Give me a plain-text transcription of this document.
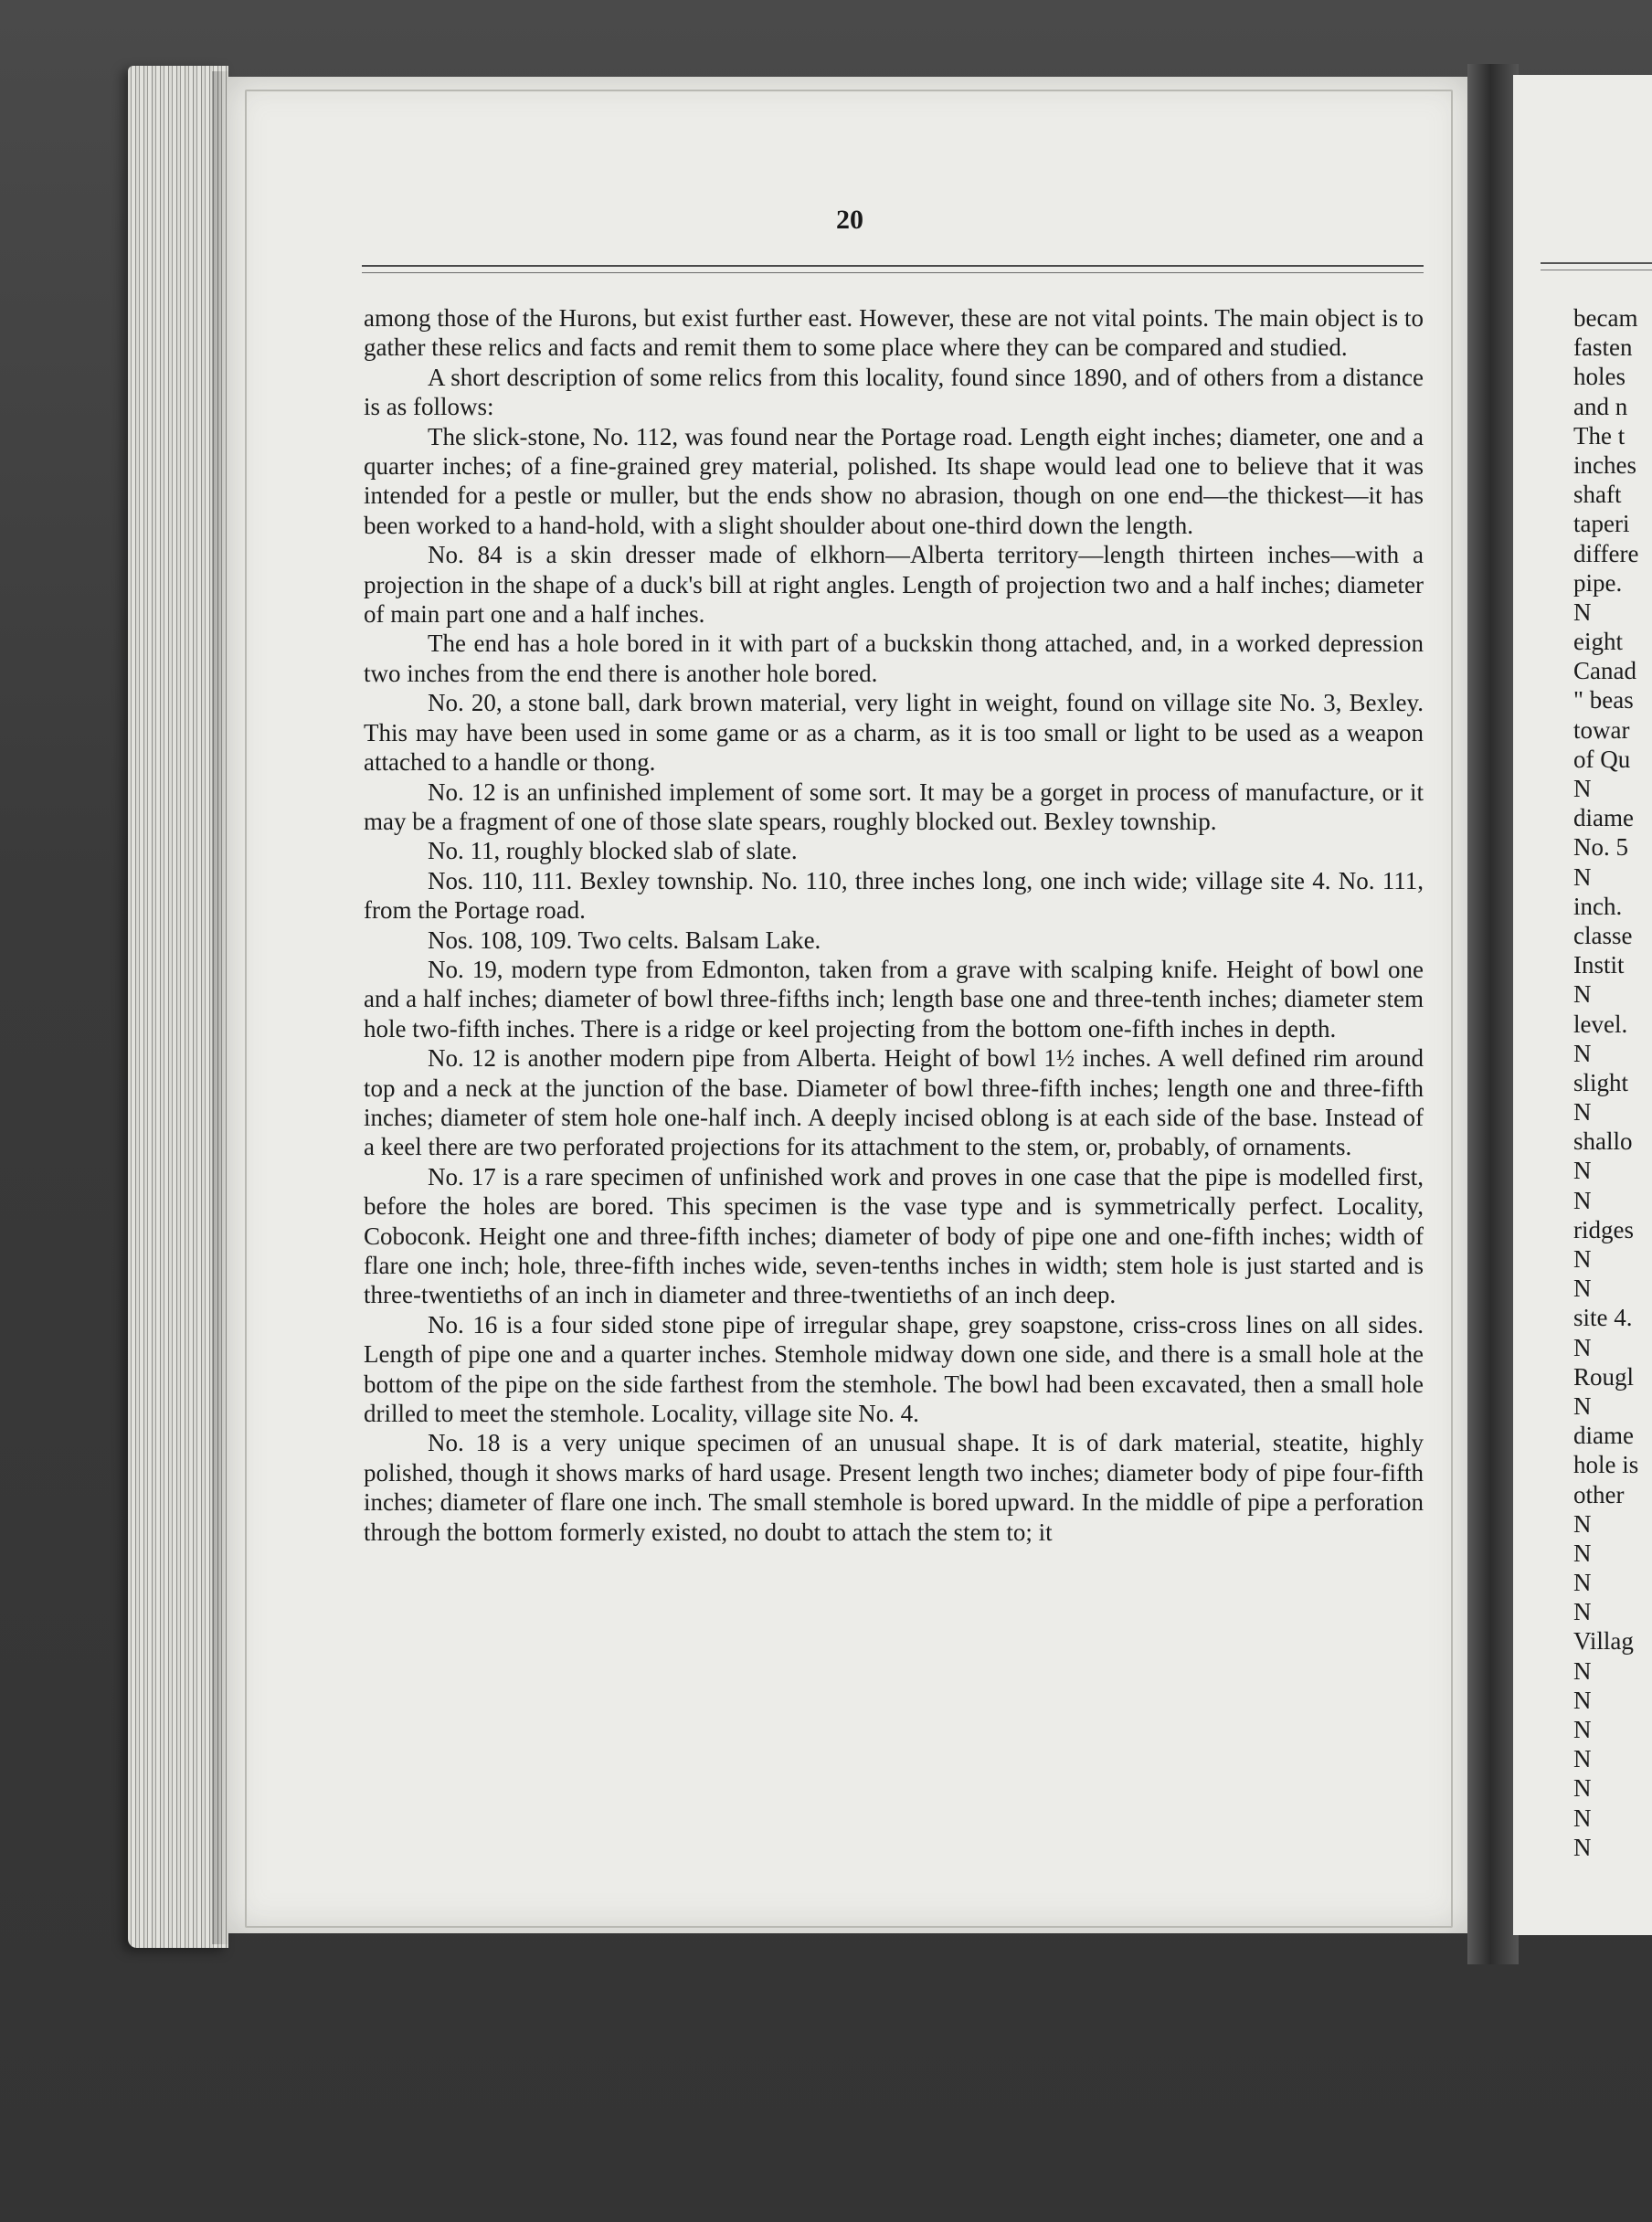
20

among those of the Hurons, but exist further east. However, these are not vital points. The main object is to gather these relics and facts and remit them to some place where they can be compared and studied.

A short description of some relics from this locality, found since 1890, and of others from a distance is as follows:

The slick-stone, No. 112, was found near the Portage road. Length eight inches; diameter, one and a quarter inches; of a fine-grained grey material, polished. Its shape would lead one to believe that it was intended for a pestle or muller, but the ends show no abrasion, though on one end—the thickest—it has been worked to a hand-hold, with a slight shoulder about one-third down the length.

No. 84 is a skin dresser made of elkhorn—Alberta territory—length thirteen inches—with a projection in the shape of a duck's bill at right angles. Length of projection two and a half inches; diameter of main part one and a half inches.

The end has a hole bored in it with part of a buckskin thong attached, and, in a worked depression two inches from the end there is another hole bored.

No. 20, a stone ball, dark brown material, very light in weight, found on village site No. 3, Bexley. This may have been used in some game or as a charm, as it is too small or light to be used as a weapon attached to a handle or thong.

No. 12 is an unfinished implement of some sort. It may be a gorget in process of manufacture, or it may be a fragment of one of those slate spears, roughly blocked out. Bexley township.

No. 11, roughly blocked slab of slate.

Nos. 110, 111. Bexley township. No. 110, three inches long, one inch wide; village site 4. No. 111, from the Portage road.

Nos. 108, 109. Two celts. Balsam Lake.

No. 19, modern type from Edmonton, taken from a grave with scalping knife. Height of bowl one and a half inches; diameter of bowl three-fifths inch; length base one and three-tenth inches; diameter stem hole two-fifth inches. There is a ridge or keel projecting from the bottom one-fifth inches in depth.

No. 12 is another modern pipe from Alberta. Height of bowl 1½ inches. A well defined rim around top and a neck at the junction of the base. Diameter of bowl three-fifth inches; length one and three-fifth inches; diameter of stem hole one-half inch. A deeply incised oblong is at each side of the base. Instead of a keel there are two perforated projections for its attachment to the stem, or, probably, of ornaments.

No. 17 is a rare specimen of unfinished work and proves in one case that the pipe is modelled first, before the holes are bored. This specimen is the vase type and is symmetrically perfect. Locality, Coboconk. Height one and three-fifth inches; diameter of body of pipe one and one-fifth inches; width of flare one inch; hole, three-fifth inches wide, seven-tenths inches in width; stem hole is just started and is three-twentieths of an inch in diameter and three-twentieths of an inch deep.

No. 16 is a four sided stone pipe of irregular shape, grey soapstone, criss-cross lines on all sides. Length of pipe one and a quarter inches. Stemhole midway down one side, and there is a small hole at the bottom of the pipe on the side farthest from the stemhole. The bowl had been excavated, then a small hole drilled to meet the stemhole. Locality, village site No. 4.

No. 18 is a very unique specimen of an unusual shape. It is of dark material, steatite, highly polished, though it shows marks of hard usage. Present length two inches; diameter body of pipe four-fifth inches; diameter of flare one inch. The small stemhole is bored upward. In the middle of pipe a perforation through the bottom formerly existed, no doubt to attach the stem to; it

becam
fasten
holes
and n
The t
inches
shaft
taperi
differe
pipe.
N
eight
Canad
" beas
towar
of Qu
N
diame
No. 5
N
inch.
classe
Instit
N
level.
N
slight
N
shallo
N
N
ridges
N
N
site 4.
N
Rougl
N
diame
hole is
other
N
N
N
N
Villag
N
N
N
N
N
N
N
